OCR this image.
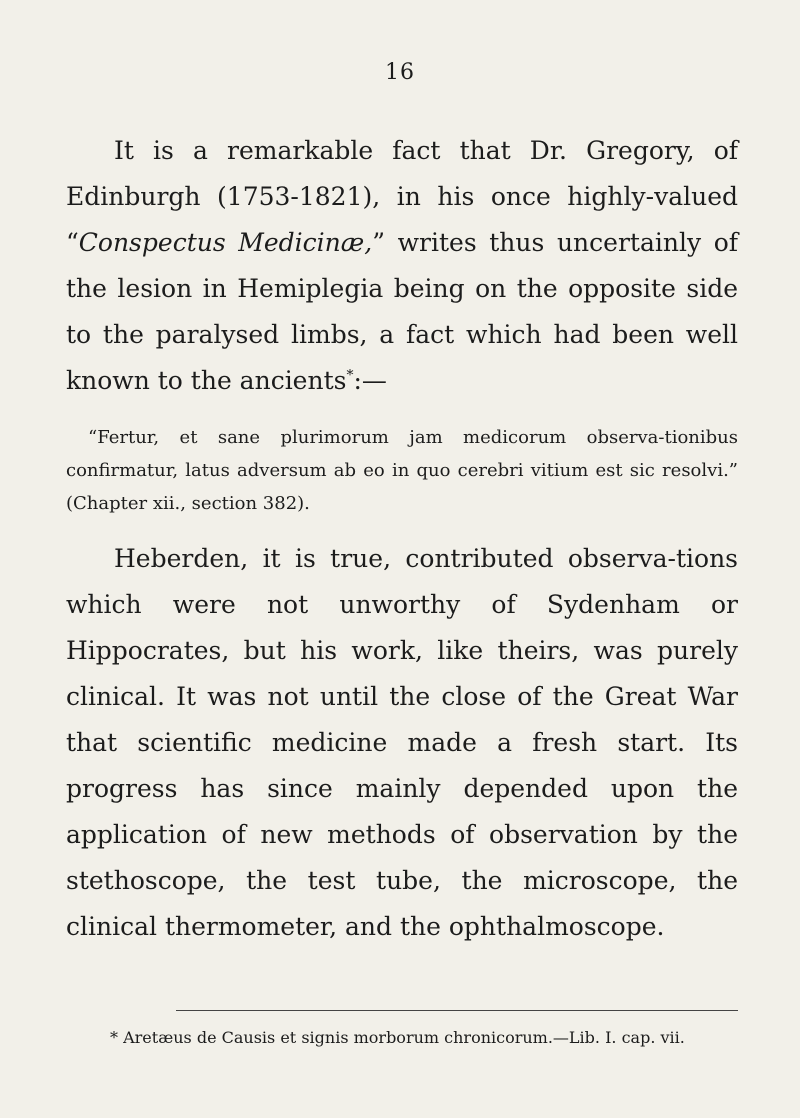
16

It is a remarkable fact that Dr. Gregory, of Edinburgh (1753-1821), in his once highly-valued “Conspectus Medicinæ,” writes thus uncertainly of the lesion in Hemiplegia being on the opposite side to the paralysed limbs, a fact which had been well known to the ancients*:—

“Fertur, et sane plurimorum jam medicorum observa-tionibus confirmatur, latus adversum ab eo in quo cerebri vitium est sic resolvi.” (Chapter xii., section 382).

Heberden, it is true, contributed observa-tions which were not unworthy of Sydenham or Hippocrates, but his work, like theirs, was purely clinical. It was not until the close of the Great War that scientific medicine made a fresh start. Its progress has since mainly depended upon the application of new methods of observation by the stethoscope, the test tube, the microscope, the clinical thermometer, and the ophthalmoscope.

* Aretæus de Causis et signis morborum chronicorum.—Lib. I. cap. vii.
